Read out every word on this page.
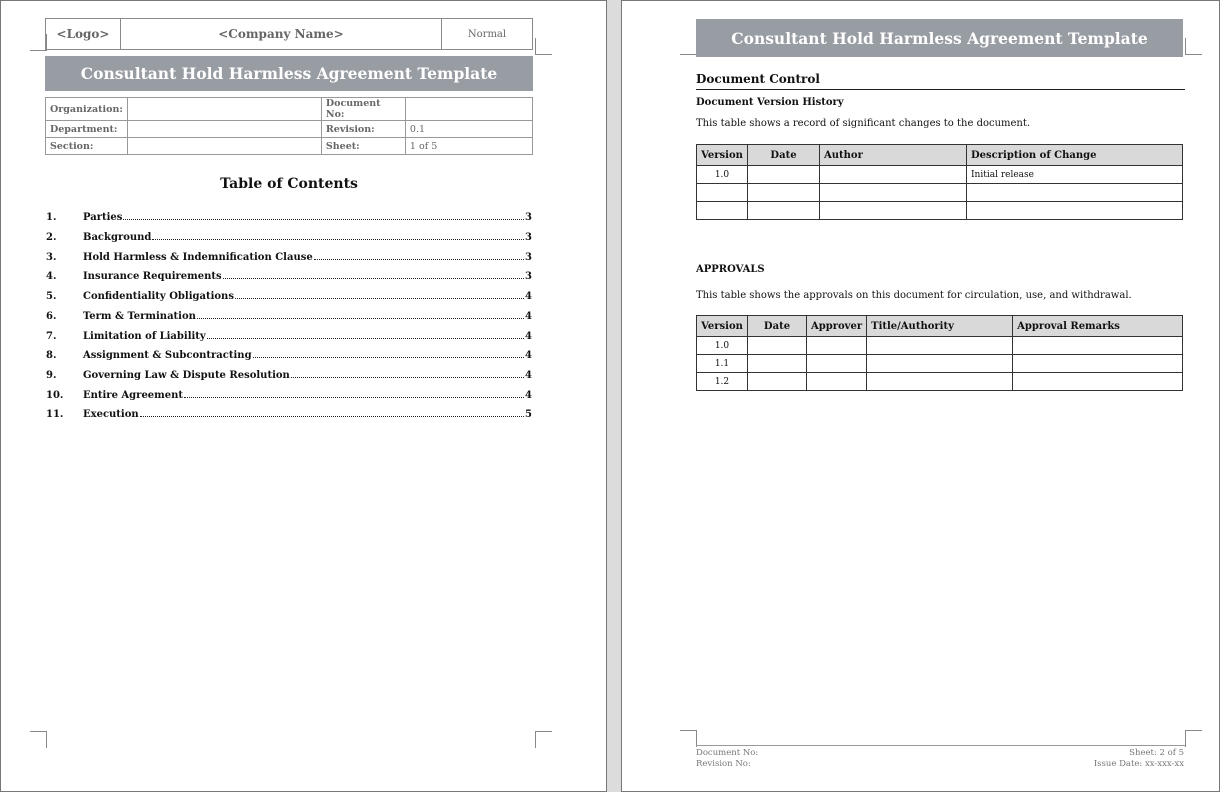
<Logo>	<Company Name>	Normal
Consultant Hold Harmless Agreement Template
Organization:		Document No:	
Department:		Revision:	0.1
Section:		Sheet:	1 of 5
Table of Contents
1.	Parties	3
2.	Background	3
3.	Hold Harmless & Indemnification Clause	3
4.	Insurance Requirements	3
5.	Confidentiality Obligations	4
6.	Term & Termination	4
7.	Limitation of Liability	4
8.	Assignment & Subcontracting	4
9.	Governing Law & Dispute Resolution	4
10.	Entire Agreement	4
11.	Execution	5
Consultant Hold Harmless Agreement Template
Document Control
Document Version History
This table shows a record of significant changes to the document.
Version	Date	Author	Description of Change
1.0			Initial release

APPROVALS
This table shows the approvals on this document for circulation, use, and withdrawal.
Version	Date	Approver	Title/Authority	Approval Remarks
1.0				
1.1				
1.2				
Document No:
Revision No:
Sheet: 2 of 5
Issue Date: xx-xxx-xx
